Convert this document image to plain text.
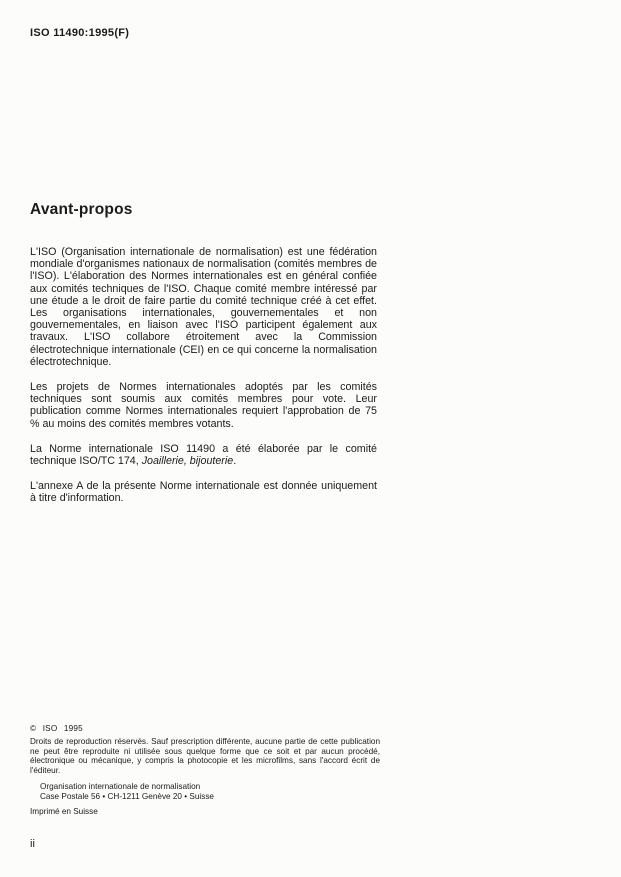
ISO 11490:1995(F)
Avant-propos

L'ISO (Organisation internationale de normalisation) est une fédération mondiale d'organismes nationaux de normalisation (comités membres de l'ISO). L'élaboration des Normes internationales est en général confiée aux comités techniques de l'ISO. Chaque comité membre intéressé par une étude a le droit de faire partie du comité technique créé à cet effet. Les organisations internationales, gouvernementales et non gouvernementales, en liaison avec l'ISO participent également aux travaux. L'ISO collabore étroitement avec la Commission électrotechnique internationale (CEI) en ce qui concerne la normalisation électrotechnique.

Les projets de Normes internationales adoptés par les comités techniques sont soumis aux comités membres pour vote. Leur publication comme Normes internationales requiert l'approbation de 75 % au moins des comités membres votants.

La Norme internationale ISO 11490 a été élaborée par le comité technique ISO/TC 174, Joaillerie, bijouterie.

L'annexe A de la présente Norme internationale est donnée uniquement à titre d'information.

© ISO 1995
Droits de reproduction réservés. Sauf prescription différente, aucune partie de cette publication ne peut être reproduite ni utilisée sous quelque forme que ce soit et par aucun procédé, électronique ou mécanique, y compris la photocopie et les microfilms, sans l'accord écrit de l'éditeur.
Organisation internationale de normalisation
Case Postale 56 • CH-1211 Genève 20 • Suisse
Imprimé en Suisse
ii
